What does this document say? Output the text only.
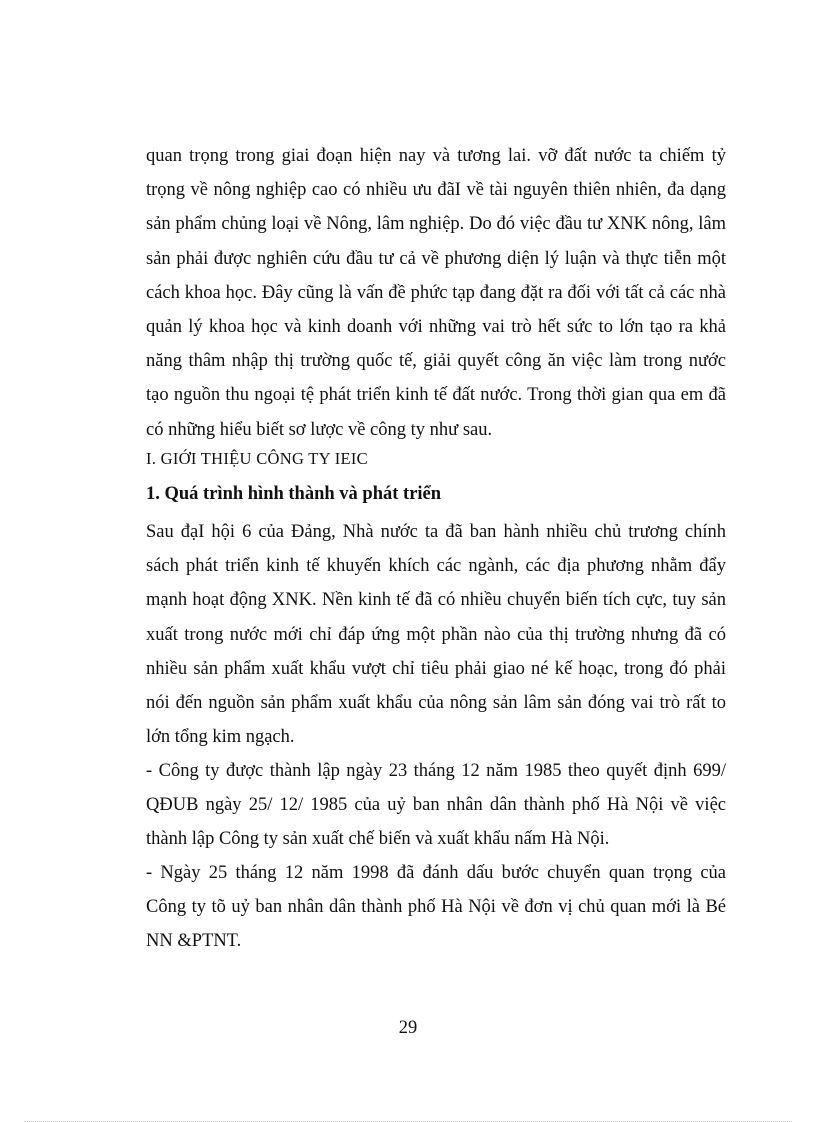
quan trọng trong giai đoạn hiện nay và tương lai. vỡ đất nước ta chiếm tỷ
trọng về nông nghiệp cao có nhiều ưu đãI về tài nguyên thiên nhiên, đa dạng
sản phẩm chủng loại về Nông, lâm nghiệp. Do đó việc đầu tư XNK nông, lâm
sản phải được nghiên cứu đầu tư cả về phương diện lý luận và thực tiễn một
cách khoa học. Đây cũng là vấn đề phức tạp đang đặt ra đối với tất cả các nhà
quản lý khoa học và kinh doanh với những vai trò hết sức to lớn tạo ra khả
năng thâm nhập thị trường quốc tế, giải quyết công ăn việc làm trong nước
tạo nguồn thu ngoại tệ phát triển kinh tế đất nước. Trong thời gian qua em đã
có những hiểu biết sơ lược về công ty như sau.
I. GIỚI THIỆU CÔNG TY IEIC
1. Quá trình hình thành và phát triển
Sau đạI hội 6 của Đảng, Nhà nước ta đã ban hành nhiều chủ trương chính
sách phát triển kinh tế khuyến khích các ngành, các địa phương nhằm đẩy
mạnh hoạt động XNK. Nền kinh tế đã có nhiều chuyển biến tích cực, tuy sản
xuất trong nước mới chỉ đáp ứng một phần nào của thị trường nhưng đã có
nhiều sản phẩm xuất khẩu vượt chỉ tiêu phải giao né kế hoạc, trong đó phải
nói đến nguồn sản phẩm xuất khẩu của nông sản lâm sản đóng vai trò rất to
lớn tổng kim ngạch.
- Công ty được thành lập ngày 23 tháng 12 năm 1985 theo quyết định 699/
QĐUB ngày 25/ 12/ 1985 của uỷ ban nhân dân thành phố Hà Nội về việc
thành lập Công ty sản xuất chế biến và xuất khẩu nấm Hà Nội.
- Ngày 25 tháng 12 năm 1998 đã đánh dấu bước chuyển quan trọng của
Công ty tõ uỷ ban nhân dân thành phố Hà Nội về đơn vị chủ quan mới là Bé
NN &PTNT.
29
